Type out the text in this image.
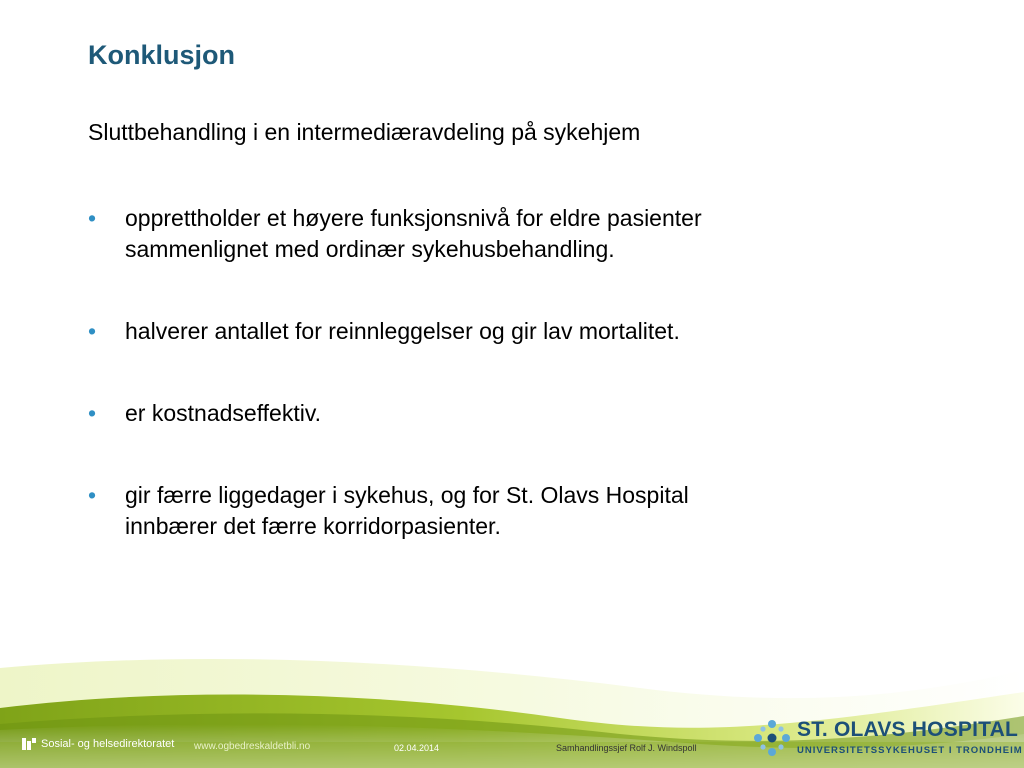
Konklusjon
Sluttbehandling i en intermediæravdeling på sykehjem
• opprettholder et høyere funksjonsnivå for eldre pasienter
sammenlignet med ordinær sykehusbehandling.
• halverer antallet for reinnleggelser og gir lav mortalitet.
• er kostnadseffektiv.
• gir færre liggedager i sykehus, og for St. Olavs Hospital
innbærer det færre korridorpasienter.
Sosial- og helsedirektoratet www.ogbedreskaldetbli.no	02.04.2014	Samhandlingssjef Rolf J. Windspoll
ST. OLAVS HOSPITAL
UNIVERSITETSSYKEHUSET I TRONDHEIM
